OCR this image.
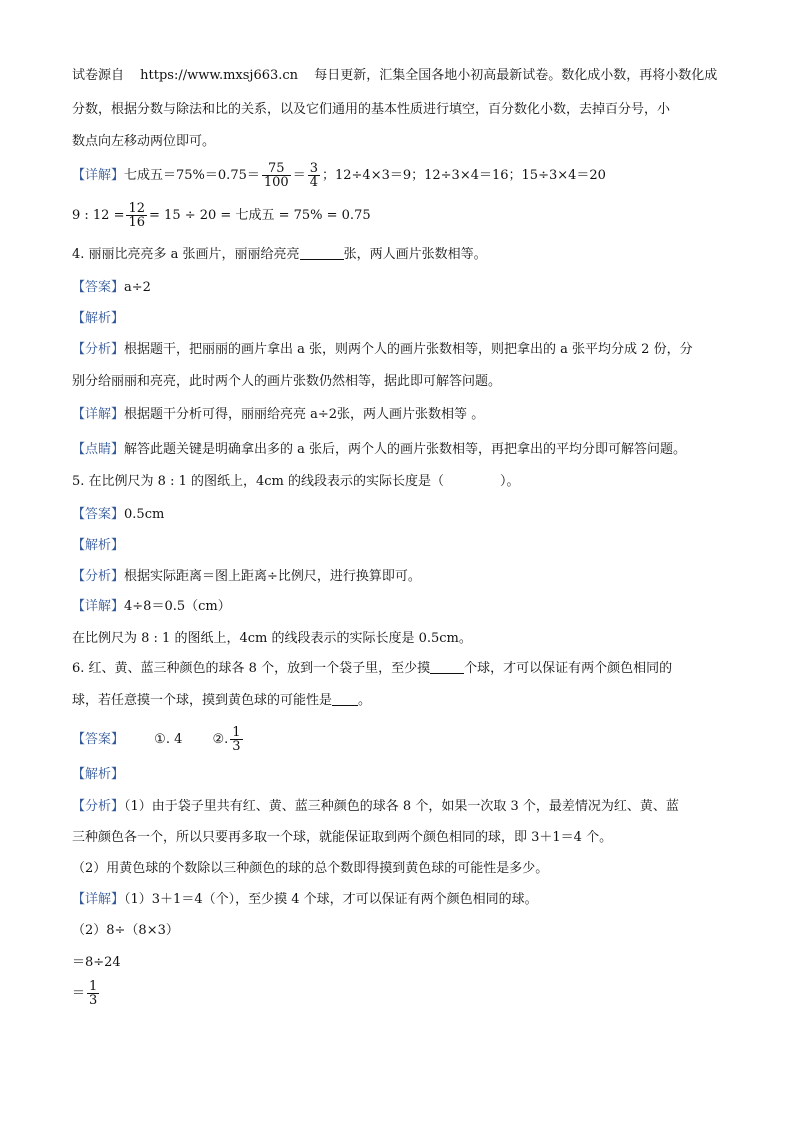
试卷源自 https://www.mxsj663.cn 每日更新，汇集全国各地小初高最新试卷。数化成小数，再将小数化成
分数，根据分数与除法和比的关系，以及它们通用的基本性质进行填空，百分数化小数，去掉百分号，小
数点向左移动两位即可。
【详解】七成五$=75\%=0.75= \frac{75}{100} = \frac{3}{4}$ ；12÷4×3＝9；12÷3×4＝16；15÷3×4＝20
9 : $12 = \frac{12}{16} = 15 \div 20$ = 七成五 = 75% = 0.75
4. 丽丽比亮亮多 a 张画片，丽丽给亮亮	张，两人画片张数相等。
【答案】a÷2
【解析】
【分析】根据题干，把丽丽的画片拿出 a 张，则两个人的画片张数相等，则把拿出的 a 张平均分成 2 份，分
别分给丽丽和亮亮，此时两个人的画片张数仍然相等，据此即可解答问题。
【详解】根据题干分析可得，丽丽给亮亮 a÷2张，两人画片张数相等 。
【点睛】解答此题关键是明确拿出多的 a 张后，两个人的画片张数相等，再把拿出的平均分即可解答问题。
5. 在比例尺为 8 : 1 的图纸上，4cm 的线段表示的实际长度是（	）。
【答案】0.5cm
【解析】
【分析】根据实际距离＝图上距离÷比例尺，进行换算即可。
【详解】4÷8＝0.5（cm）
在比例尺为 8 : 1 的图纸上，4cm 的线段表示的实际长度是 0.5cm。
6. 红、黄、蓝三种颜色的球各 8 个，放到一个袋子里，至少摸	个球，才可以保证有两个颜色相同的
球，若任意摸一个球，摸到黄色球的可能性是 。
【答案】 ①. 4 ②. $\frac{1}{3}$
【解析】
【分析】（1）由于袋子里共有红、黄、蓝三种颜色的球各 8 个，如果一次取 3 个，最差情况为红、黄、蓝
三种颜色各一个，所以只要再多取一个球，就能保证取到两个颜色相同的球，即 3＋1＝4 个。
（2）用黄色球的个数除以三种颜色的球的总个数即得摸到黄色球的可能性是多少。
【详解】（1）3＋1＝4（个），至少摸 4 个球，才可以保证有两个颜色相同的球。
（2）8÷（8×3）
＝8÷24
＝ $\frac{1}{3}$
